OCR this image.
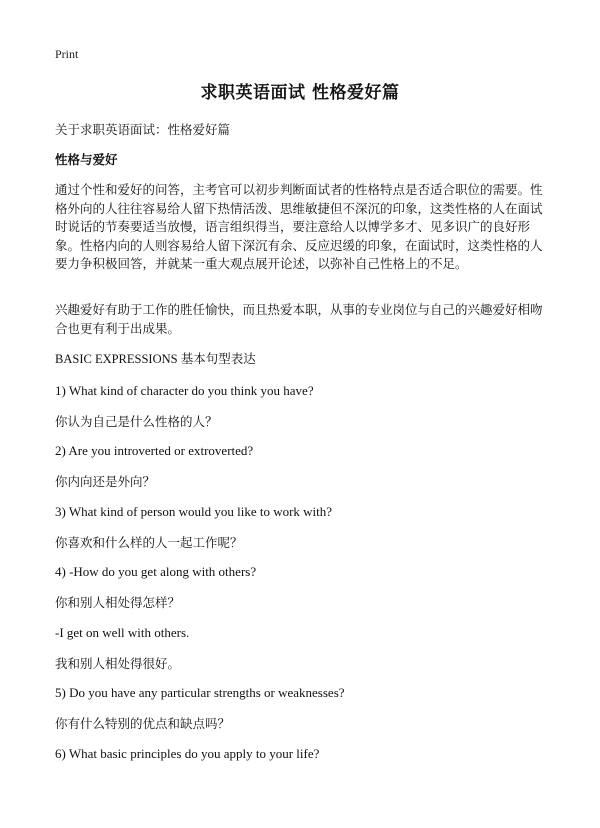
Print
求职英语面试 性格爱好篇
关于求职英语面试：性格爱好篇
性格与爱好

通过个性和爱好的问答，主考官可以初步判断面试者的性格特点是否适合职位的需要。性格外向的人往往容易给人留下热情活泼、思维敏捷但不深沉的印象，这类性格的人在面试时说话的节奏要适当放慢，语言组织得当，要注意给人以博学多才、见多识广的良好形象。性格内向的人则容易给人留下深沉有余、反应迟缓的印象，在面试时，这类性格的人要力争积极回答，并就某一重大观点展开论述，以弥补自己性格上的不足。

兴趣爱好有助于工作的胜任愉快，而且热爱本职，从事的专业岗位与自己的兴趣爱好相吻合也更有利于出成果。

BASIC EXPRESSIONS 基本句型表达
1) What kind of character do you think you have?
你认为自己是什么性格的人？
2) Are you introverted or extroverted?
你内向还是外向？
3) What kind of person would you like to work with?
你喜欢和什么样的人一起工作呢？
4) -How do you get along with others?
你和别人相处得怎样？
-I get on well with others.
我和别人相处得很好。
5) Do you have any particular strengths or weaknesses?
你有什么特别的优点和缺点吗？
6) What basic principles do you apply to your life?
